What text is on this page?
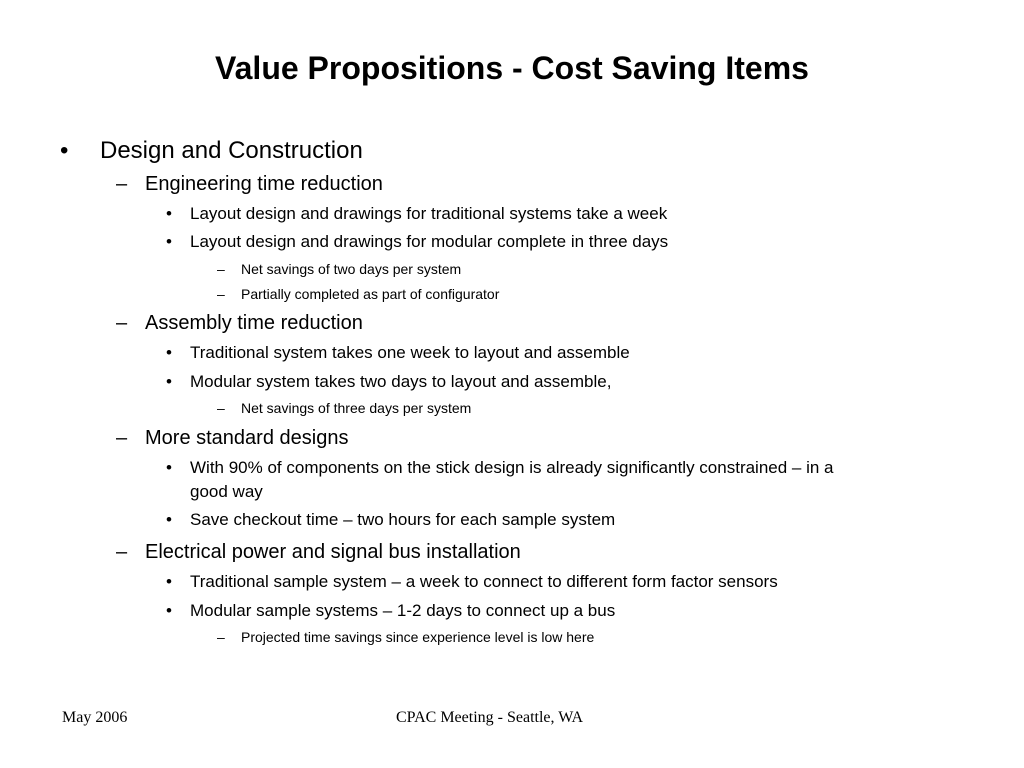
Value Propositions - Cost Saving Items
• Design and Construction
– Engineering time reduction
• Layout design and drawings for traditional systems take a week
• Layout design and drawings for modular complete in three days
– Net savings of two days per system
– Partially completed as part of configurator
– Assembly time reduction
• Traditional system takes one week to layout and assemble
• Modular system takes two days to layout and assemble,
– Net savings of three days per system
– More standard designs
• With 90% of components on the stick design is already significantly constrained – in a
good way
• Save checkout time – two hours for each sample system
– Electrical power and signal bus installation
• Traditional sample system – a week to connect to different form factor sensors
• Modular sample systems – 1-2 days to connect up a bus
– Projected time savings since experience level is low here
May 2006	CPAC Meeting - Seattle, WA
